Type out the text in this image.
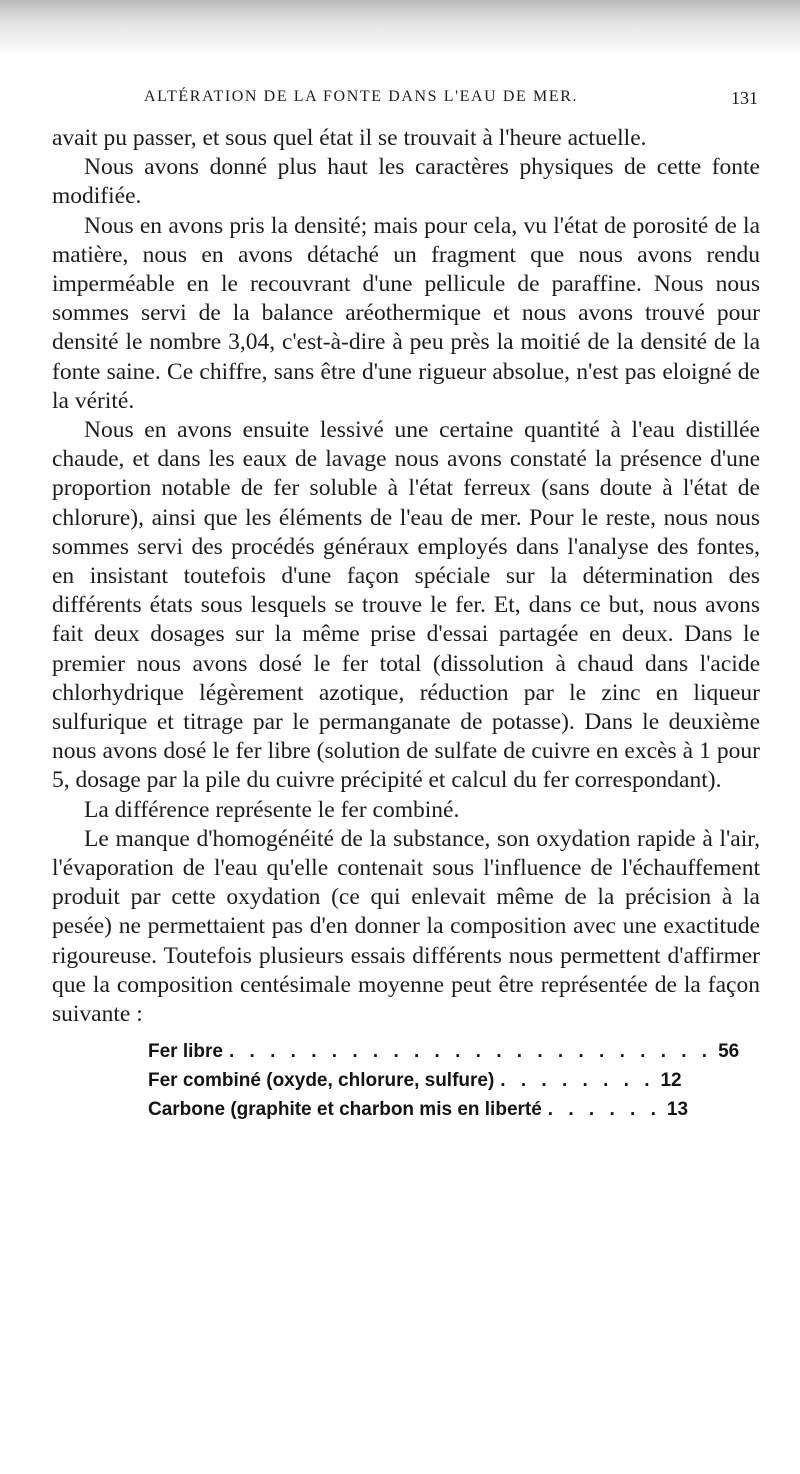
ALTÉRATION DE LA FONTE DANS L'EAU DE MER.	131

avait pu passer, et sous quel état il se trouvait à l'heure actuelle.

Nous avons donné plus haut les caractères physiques de cette fonte modifiée.

Nous en avons pris la densité; mais pour cela, vu l'état de porosité de la matière, nous en avons détaché un fragment que nous avons rendu imperméable en le recouvrant d'une pellicule de paraffine. Nous nous sommes servi de la balance aréothermique et nous avons trouvé pour densité le nombre 3,04, c'est-à-dire à peu près la moitié de la densité de la fonte saine. Ce chiffre, sans être d'une rigueur absolue, n'est pas eloigné de la vérité.

Nous en avons ensuite lessivé une certaine quantité à l'eau distillée chaude, et dans les eaux de lavage nous avons constaté la présence d'une proportion notable de fer soluble à l'état ferreux (sans doute à l'état de chlorure), ainsi que les éléments de l'eau de mer. Pour le reste, nous nous sommes servi des procédés généraux employés dans l'analyse des fontes, en insistant toutefois d'une façon spéciale sur la détermination des différents états sous lesquels se trouve le fer. Et, dans ce but, nous avons fait deux dosages sur la même prise d'essai partagée en deux. Dans le premier nous avons dosé le fer total (dissolution à chaud dans l'acide chlorhydrique légèrement azotique, réduction par le zinc en liqueur sulfurique et titrage par le permanganate de potasse). Dans le deuxième nous avons dosé le fer libre (solution de sulfate de cuivre en excès à 1 pour 5, dosage par la pile du cuivre précipité et calcul du fer correspondant).

La différence représente le fer combiné.

Le manque d'homogénéité de la substance, son oxydation rapide à l'air, l'évaporation de l'eau qu'elle contenait sous l'influence de l'échauffement produit par cette oxydation (ce qui enlevait même de la précision à la pesée) ne permettaient pas d'en donner la composition avec une exactitude rigoureuse. Toutefois plusieurs essais différents nous permettent d'affirmer que la composition centésimale moyenne peut être représentée de la façon suivante :

Fer libre . . . . . . . . . . . . . . . . . . . . . . . . 56
Fer combiné (oxyde, chlorure, sulfure) . . . . . . . . 12
Carbone (graphite et charbon mis en liberté . . . . . . 13
